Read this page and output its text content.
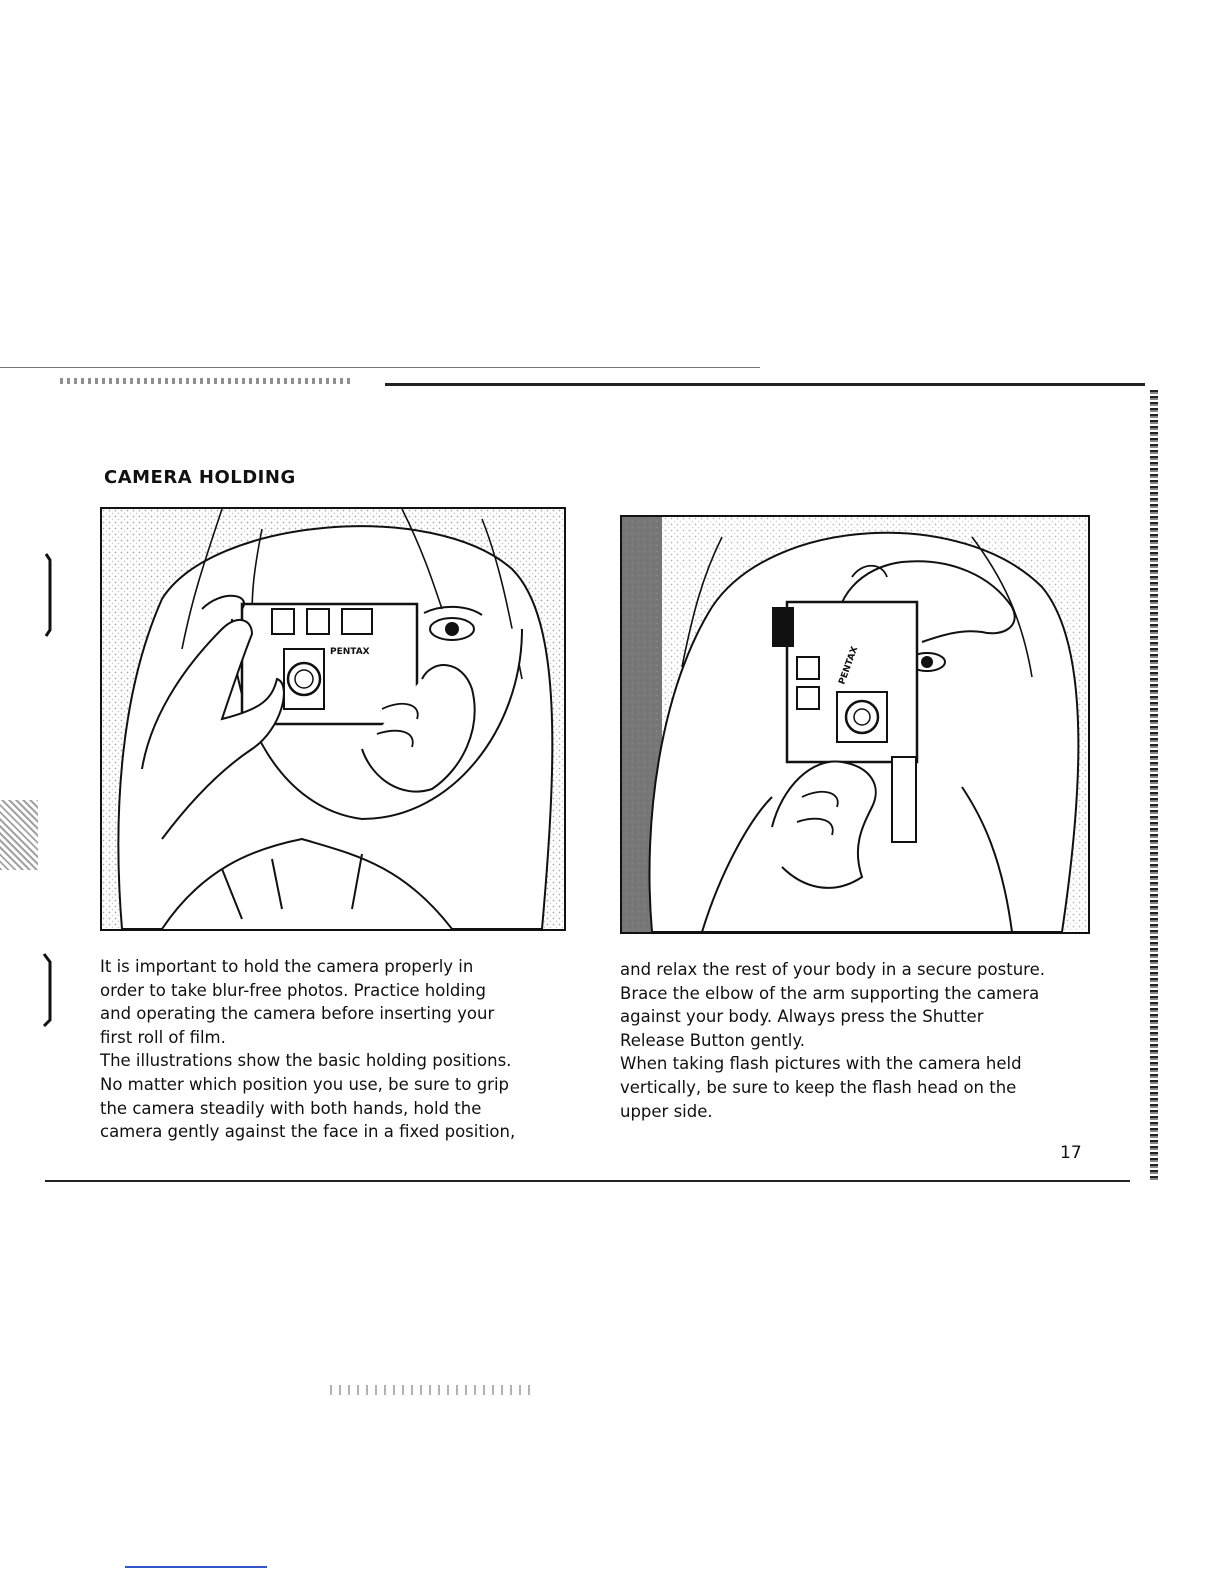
CAMERA HOLDING
PENTAX	PENTAX
It is important to hold the camera properly in
order to take blur-free photos. Practice holding
and operating the camera before inserting your
first roll of film.
The illustrations show the basic holding positions.
No matter which position you use, be sure to grip
the camera steadily with both hands, hold the
camera gently against the face in a fixed position,
and relax the rest of your body in a secure posture.
Brace the elbow of the arm supporting the camera
against your body. Always press the Shutter
Release Button gently.
When taking flash pictures with the camera held
vertically, be sure to keep the flash head on the
upper side.
17
